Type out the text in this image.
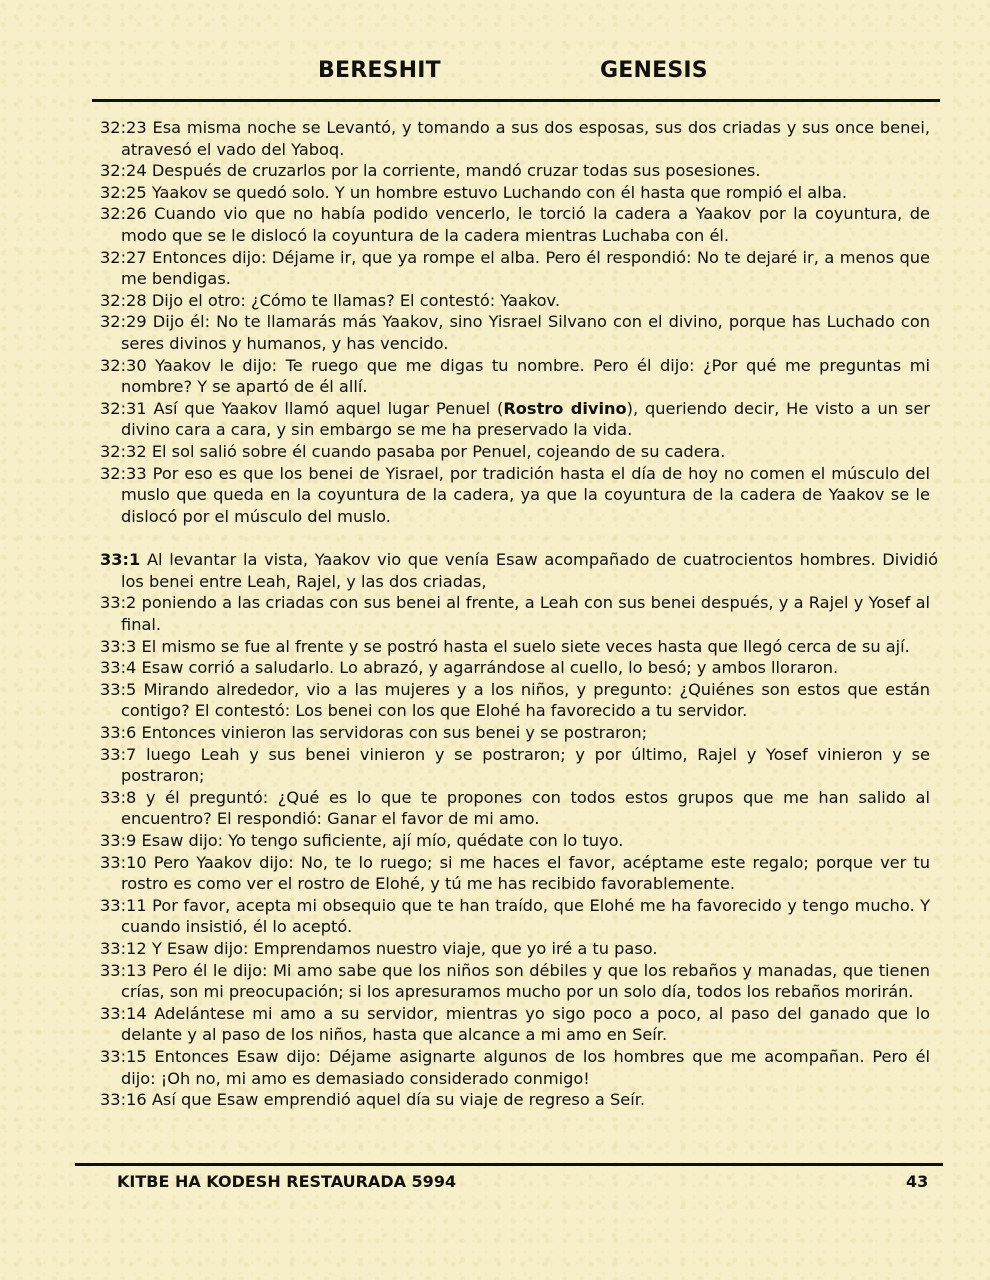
BERESHIT	GENESIS

32:23 Esa misma noche se Levantó, y tomando a sus dos esposas, sus dos criadas y sus once benei, atravesó el vado del Yaboq.

32:24 Después de cruzarlos por la corriente, mandó cruzar todas sus posesiones.

32:25 Yaakov se quedó solo. Y un hombre estuvo Luchando con él hasta que rompió el alba.

32:26 Cuando vio que no había podido vencerlo, le torció la cadera a Yaakov por la coyuntura, de modo que se le dislocó la coyuntura de la cadera mientras Luchaba con él.

32:27 Entonces dijo: Déjame ir, que ya rompe el alba. Pero él respondió: No te dejaré ir, a menos que me bendigas.

32:28 Dijo el otro: ¿Cómo te llamas? El contestó: Yaakov.

32:29 Dijo él: No te llamarás más Yaakov, sino Yisrael Silvano con el divino, porque has Luchado con seres divinos y humanos, y has vencido.

32:30 Yaakov le dijo: Te ruego que me digas tu nombre. Pero él dijo: ¿Por qué me preguntas mi nombre? Y se apartó de él allí.

32:31 Así que Yaakov llamó aquel lugar Penuel (Rostro divino), queriendo decir, He visto a un ser divino cara a cara, y sin embargo se me ha preservado la vida.

32:32 El sol salió sobre él cuando pasaba por Penuel, cojeando de su cadera.

32:33 Por eso es que los benei de Yisrael, por tradición hasta el día de hoy no comen el músculo del muslo que queda en la coyuntura de la cadera, ya que la coyuntura de la cadera de Yaakov se le dislocó por el músculo del muslo.

33:1 Al levantar la vista, Yaakov vio que venía Esaw acompañado de cuatrocientos hombres. Dividió los benei entre Leah, Rajel, y las dos criadas,

33:2 poniendo a las criadas con sus benei al frente, a Leah con sus benei después, y a Rajel y Yosef al final.

33:3 El mismo se fue al frente y se postró hasta el suelo siete veces hasta que llegó cerca de su ají.

33:4 Esaw corrió a saludarlo. Lo abrazó, y agarrándose al cuello, lo besó; y ambos lloraron.

33:5 Mirando alrededor, vio a las mujeres y a los niños, y pregunto: ¿Quiénes son estos que están contigo? El contestó: Los benei con los que Elohé ha favorecido a tu servidor.

33:6 Entonces vinieron las servidoras con sus benei y se postraron;

33:7 luego Leah y sus benei vinieron y se postraron; y por último, Rajel y Yosef vinieron y se postraron;

33:8 y él preguntó: ¿Qué es lo que te propones con todos estos grupos que me han salido al encuentro? El respondió: Ganar el favor de mi amo.

33:9 Esaw dijo: Yo tengo suficiente, ají mío, quédate con lo tuyo.

33:10 Pero Yaakov dijo: No, te lo ruego; si me haces el favor, acéptame este regalo; porque ver tu rostro es como ver el rostro de Elohé, y tú me has recibido favorablemente.

33:11 Por favor, acepta mi obsequio que te han traído, que Elohé me ha favorecido y tengo mucho. Y cuando insistió, él lo aceptó.

33:12 Y Esaw dijo: Emprendamos nuestro viaje, que yo iré a tu paso.

33:13 Pero él le dijo: Mi amo sabe que los niños son débiles y que los rebaños y manadas, que tienen crías, son mi preocupación; si los apresuramos mucho por un solo día, todos los rebaños morirán.

33:14 Adelántese mi amo a su servidor, mientras yo sigo poco a poco, al paso del ganado que lo delante y al paso de los niños, hasta que alcance a mi amo en Seír.

33:15 Entonces Esaw dijo: Déjame asignarte algunos de los hombres que me acompañan. Pero él dijo: ¡Oh no, mi amo es demasiado considerado conmigo!

33:16 Así que Esaw emprendió aquel día su viaje de regreso a Seír.

KITBE HA KODESH RESTAURADA 5994	43
